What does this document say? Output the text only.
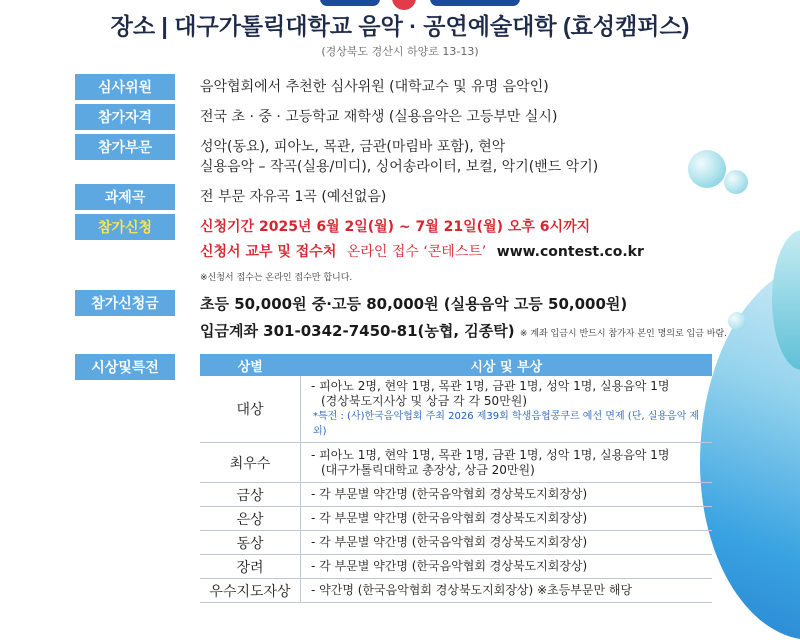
장소 | 대구가톨릭대학교 음악 · 공연예술대학 (효성캠퍼스)
(경상북도 경산시 하양로 13-13)
심사위원	음악협회에서 추천한 심사위원 (대학교수 및 유명 음악인)
참가자격	전국 초 · 중 · 고등학교 재학생 (실용음악은 고등부만 실시)
참가부문	성악(동요), 피아노, 목관, 금관(마림바 포함), 현악
실용음악 – 작곡(실용/미디), 싱어송라이터, 보컬, 악기(밴드 악기)
과제곡	전 부문 자유곡 1곡 (예선없음)
참가신청	신청기간 2025년 6월 2일(월) ~ 7월 21일(월) 오후 6시까지
신청서 교부 및 접수처 온라인 접수 ‘콘테스트’ www.contest.co.kr
※신청서 접수는 온라인 접수만 합니다.
참가신청금	초등 50,000원 중·고등 80,000원 (실용음악 고등 50,000원)
입금계좌 301-0342-7450-81(농협, 김종탁) ※ 계좌 입금시 반드시 참가자 본인 명의로 입금 바람.
시상및특전	상별	시상 및 부상
대상	- 피아노 2명, 현악 1명, 목관 1명, 금관 1명, 성악 1명, 실용음악 1명
(경상북도지사상 및 상금 각 각 50만원)
*특전 : (사)한국음악협회 주최 2026 제39회 학생음협콩쿠르 예선 면제 (단, 실용음악 제외)

최우수	- 피아노 1명, 현악 1명, 목관 1명, 금관 1명, 성악 1명, 실용음악 1명
(대구가톨릭대학교 총장상, 상금 20만원)

금상	- 각 부문별 약간명 (한국음악협회 경상북도지회장상)
은상	- 각 부문별 약간명 (한국음악협회 경상북도지회장상)
동상	- 각 부문별 약간명 (한국음악협회 경상북도지회장상)
장려	- 각 부문별 약간명 (한국음악협회 경상북도지회장상)
우수지도자상	- 약간명 (한국음악협회 경상북도지회장상) ※초등부문만 해당
